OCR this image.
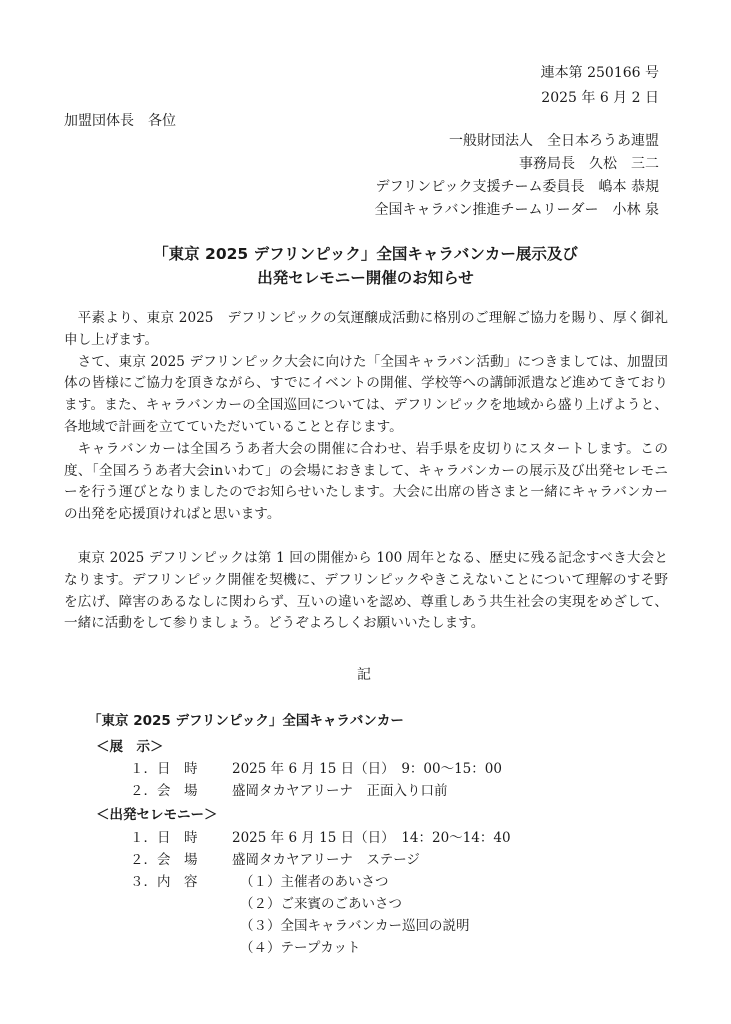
連本第 250166 号
2025 年 6 月 2 日
加盟団体長　各位
一般財団法人　全日本ろうあ連盟
事務局長　久松　三二
デフリンピック支援チーム委員長　嶋本 恭規
全国キャラバン推進チームリーダー　小林 泉
「東京 2025 デフリンピック」全国キャラバンカー展示及び
出発セレモニー開催のお知らせ

平素より、東京 2025　デフリンピックの気運醸成活動に格別のご理解ご協力を賜り、厚く御礼申し上げます。

さて、東京 2025 デフリンピック大会に向けた「全国キャラバン活動」につきましては、加盟団体の皆様にご協力を頂きながら、すでにイベントの開催、学校等への講師派遣など進めてきております。また、キャラバンカーの全国巡回については、デフリンピックを地域から盛り上げようと、各地域で計画を立てていただいていることと存じます。

キャラバンカーは全国ろうあ者大会の開催に合わせ、岩手県を皮切りにスタートします。この度、「全国ろうあ者大会inいわて」の会場におきまして、キャラバンカーの展示及び出発セレモニーを行う運びとなりましたのでお知らせいたします。大会に出席の皆さまと一緒にキャラバンカーの出発を応援頂ければと思います。

東京 2025 デフリンピックは第 1 回の開催から 100 周年となる、歴史に残る記念すべき大会となります。デフリンピック開催を契機に、デフリンピックやきこえないことについて理解のすそ野を広げ、障害のあるなしに関わらず、互いの違いを認め、尊重しあう共生社会の実現をめざして、一緒に活動をして参りましょう。どうぞよろしくお願いいたします。

記
「東京 2025 デフリンピック」全国キャラバンカー
＜展　示＞
１．日　時	2025 年 6 月 15 日（日）　9：00〜15：00
２．会　場	盛岡タカヤアリーナ　正面入り口前
＜出発セレモニー＞
１．日　時	2025 年 6 月 15 日（日）　14：20〜14：40
２．会　場	盛岡タカヤアリーナ　ステージ
３．内　容	（１）主催者のあいさつ
（２）ご来賓のごあいさつ
（３）全国キャラバンカー巡回の説明
（４）テープカット
